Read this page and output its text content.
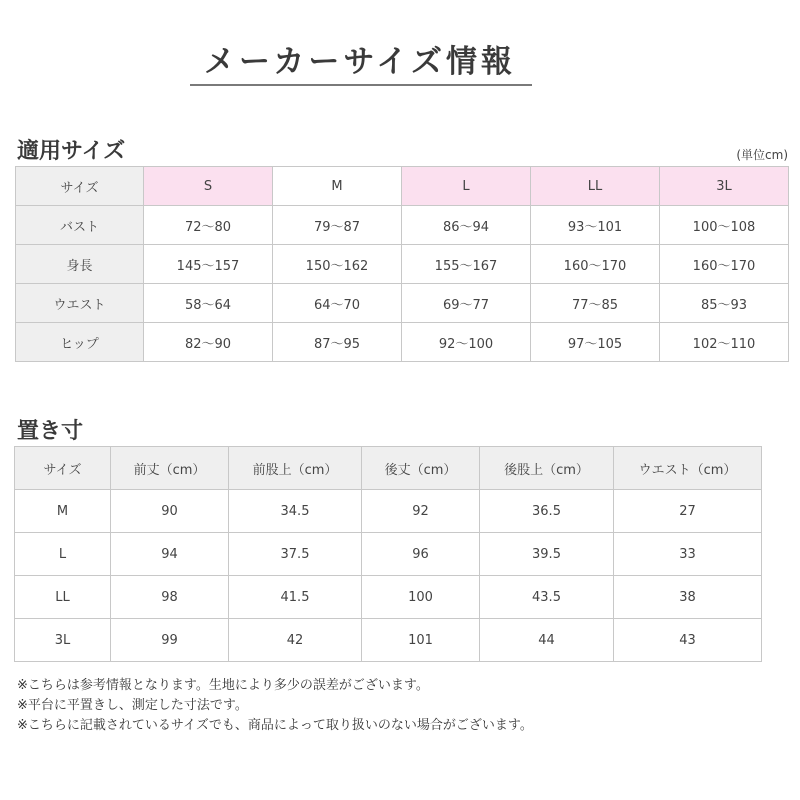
メーカーサイズ情報
適用サイズ	(単位cm)
サイズ	S	M	L	LL	3L
バスト	72〜80	79〜87	86〜94	93〜101	100〜108
身長	145〜157	150〜162	155〜167	160〜170	160〜170
ウエスト	58〜64	64〜70	69〜77	77〜85	85〜93
ヒップ	82〜90	87〜95	92〜100	97〜105	102〜110
置き寸
サイズ	前丈（cm）	前股上（cm）	後丈（cm）	後股上（cm）	ウエスト（cm）
M	90	34.5	92	36.5	27
L	94	37.5	96	39.5	33
LL	98	41.5	100	43.5	38
3L	99	42	101	44	43
※こちらは参考情報となります。生地により多少の誤差がございます。
※平台に平置きし、測定した寸法です。
※こちらに記載されているサイズでも、商品によって取り扱いのない場合がございます。
